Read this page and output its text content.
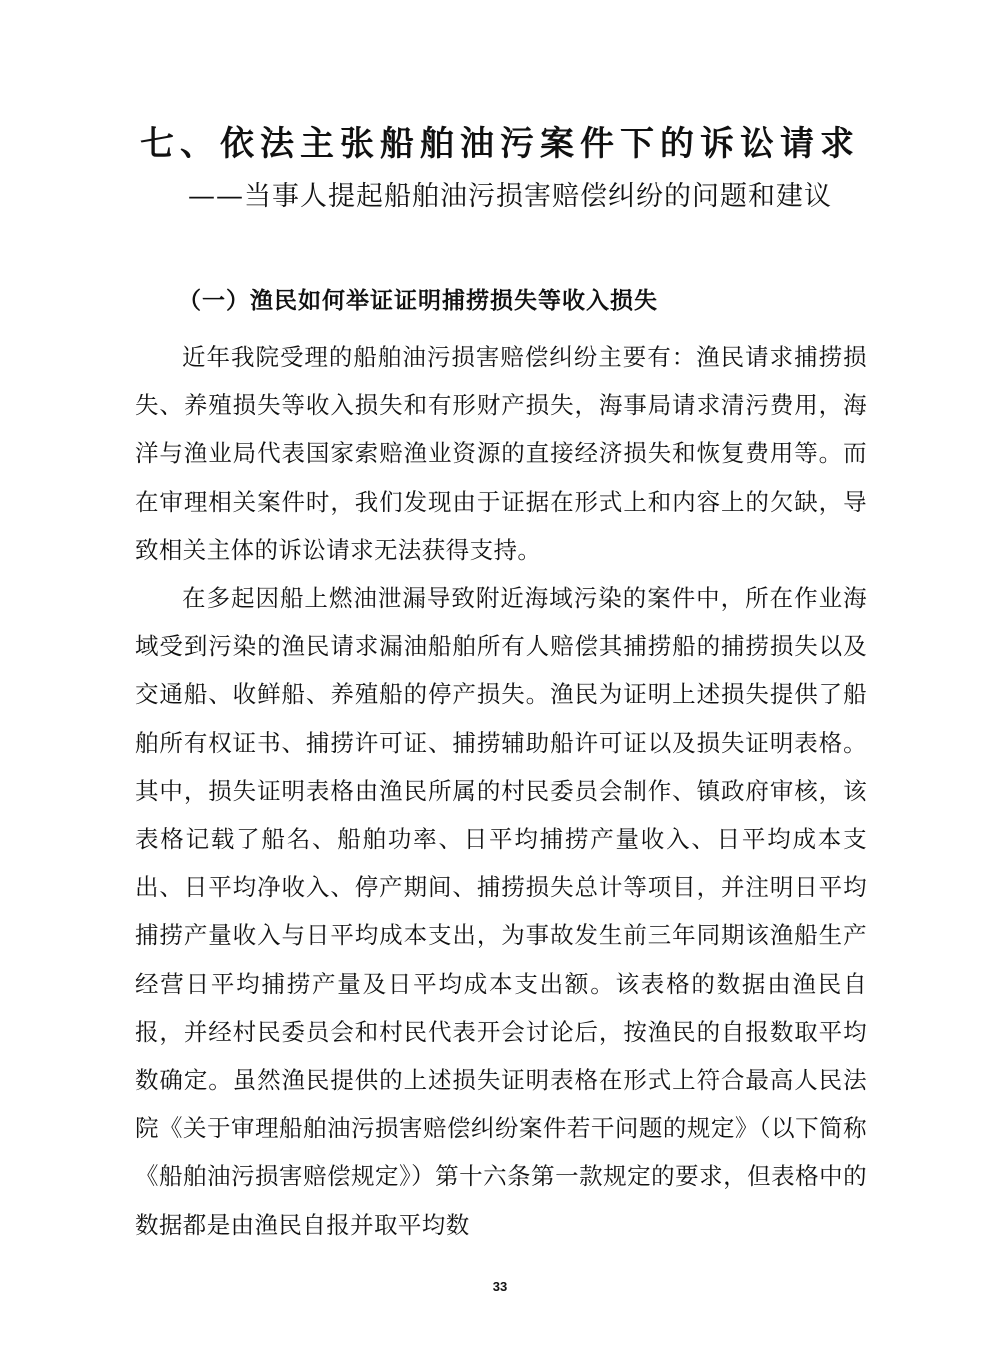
七、依法主张船舶油污案件下的诉讼请求
——当事人提起船舶油污损害赔偿纠纷的问题和建议
（一）渔民如何举证证明捕捞损失等收入损失

近年我院受理的船舶油污损害赔偿纠纷主要有：渔民请求捕捞损失、养殖损失等收入损失和有形财产损失，海事局请求清污费用，海洋与渔业局代表国家索赔渔业资源的直接经济损失和恢复费用等。而在审理相关案件时，我们发现由于证据在形式上和内容上的欠缺，导致相关主体的诉讼请求无法获得支持。

在多起因船上燃油泄漏导致附近海域污染的案件中，所在作业海域受到污染的渔民请求漏油船舶所有人赔偿其捕捞船的捕捞损失以及交通船、收鲜船、养殖船的停产损失。渔民为证明上述损失提供了船舶所有权证书、捕捞许可证、捕捞辅助船许可证以及损失证明表格。其中，损失证明表格由渔民所属的村民委员会制作、镇政府审核，该表格记载了船名、船舶功率、日平均捕捞产量收入、日平均成本支出、日平均净收入、停产期间、捕捞损失总计等项目，并注明日平均捕捞产量收入与日平均成本支出，为事故发生前三年同期该渔船生产经营日平均捕捞产量及日平均成本支出额。该表格的数据由渔民自报，并经村民委员会和村民代表开会讨论后，按渔民的自报数取平均数确定。虽然渔民提供的上述损失证明表格在形式上符合最高人民法院《关于审理船舶油污损害赔偿纠纷案件若干问题的规定》（以下简称《船舶油污损害赔偿规定》）第十六条第一款规定的要求，但表格中的数据都是由渔民自报并取平均数

33
